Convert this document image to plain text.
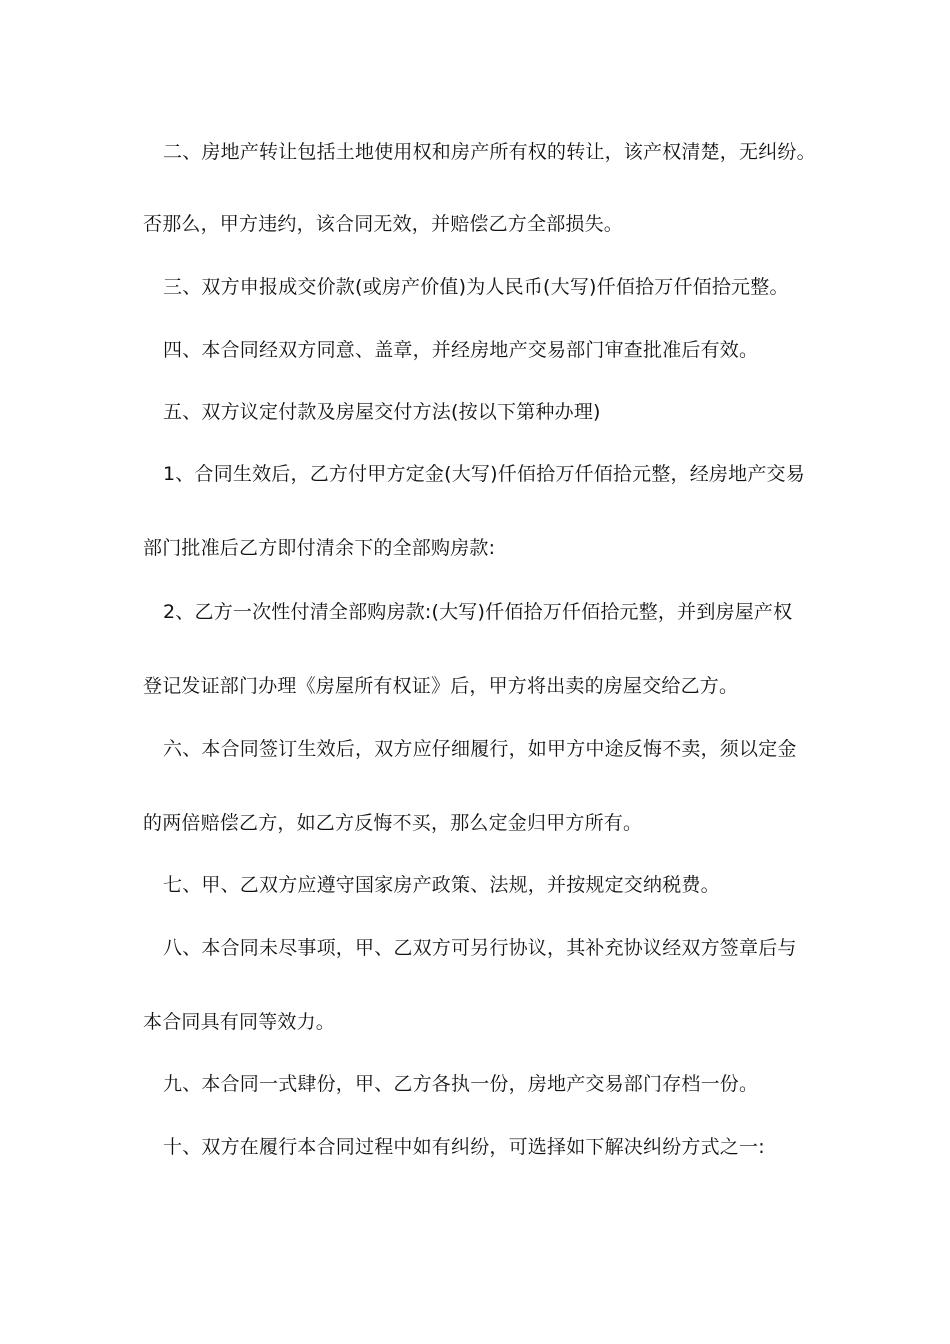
二、房地产转让包括土地使用权和房产所有权的转让，该产权清楚，无纠纷。
否那么，甲方违约，该合同无效，并赔偿乙方全部损失。
三、双方申报成交价款(或房产价值)为人民币(大写)仟佰拾万仟佰拾元整。
四、本合同经双方同意、盖章，并经房地产交易部门审查批准后有效。
五、双方议定付款及房屋交付方法(按以下第种办理)
1、合同生效后，乙方付甲方定金(大写)仟佰拾万仟佰拾元整，经房地产交易
部门批准后乙方即付清余下的全部购房款:
2、乙方一次性付清全部购房款:(大写)仟佰拾万仟佰拾元整，并到房屋产权
登记发证部门办理《房屋所有权证》后，甲方将出卖的房屋交给乙方。
六、本合同签订生效后，双方应仔细履行，如甲方中途反悔不卖，须以定金
的两倍赔偿乙方，如乙方反悔不买，那么定金归甲方所有。
七、甲、乙双方应遵守国家房产政策、法规，并按规定交纳税费。
八、本合同未尽事项，甲、乙双方可另行协议，其补充协议经双方签章后与
本合同具有同等效力。
九、本合同一式肆份，甲、乙方各执一份，房地产交易部门存档一份。
十、双方在履行本合同过程中如有纠纷，可选择如下解决纠纷方式之一:
